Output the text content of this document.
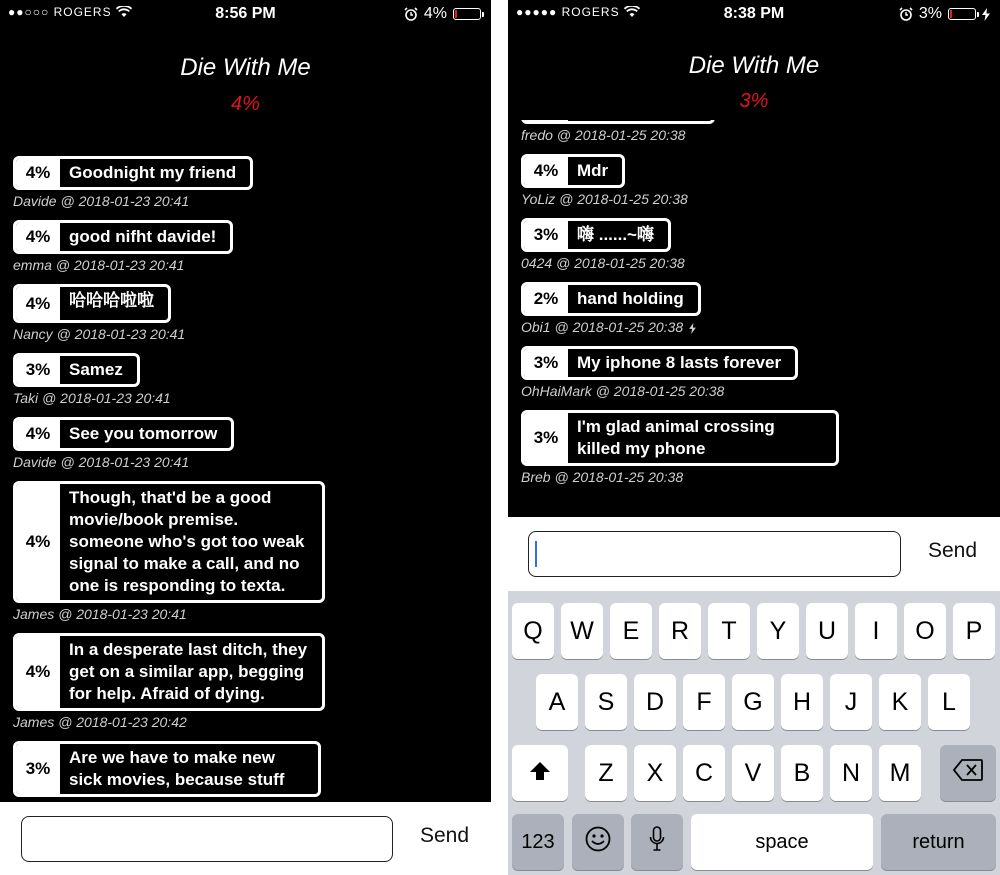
●●○○○ ROGERS	8:56 PM	4%
Die With Me
4%
4%	Goodnight my friend
Davide @ 2018-01-23 20:41
4%	good nifht davide!
emma @ 2018-01-23 20:41
4%	哈哈哈啦啦

Nancy @ 2018-01-23 20:41
3%	Samez
Taki @ 2018-01-23 20:41
4%	See you tomorrow
Davide @ 2018-01-23 20:41
4%
Though, that'd be a good movie/book premise. someone who's got too weak signal to make a call, and no one is responding to texta.
James @ 2018-01-23 20:41
4%
In a desperate last ditch, they get on a similar app, begging for help. Afraid of dying.
James @ 2018-01-23 20:42
3%
Are we have to make new sick movies, because stuff
Send
●●●●● ROGERS	8:38 PM	3%
Die With Me
3%
fredo @ 2018-01-25 20:38
4%	Mdr
YoLiz @ 2018-01-25 20:38
3%	嗨 ......~嗨
0424 @ 2018-01-25 20:38
2%	hand holding
Obi1 @ 2018-01-25 20:38
3%	My iphone 8 lasts forever
OhHaiMark @ 2018-01-25 20:38
3%
I'm glad animal crossing killed my phone
Breb @ 2018-01-25 20:38
Send
Q	W	E	R	T	Y	U	I	O	P
A	S	D	F	G	H	J	K	L
Z	X	C	V	B	N	M
123	space	return
